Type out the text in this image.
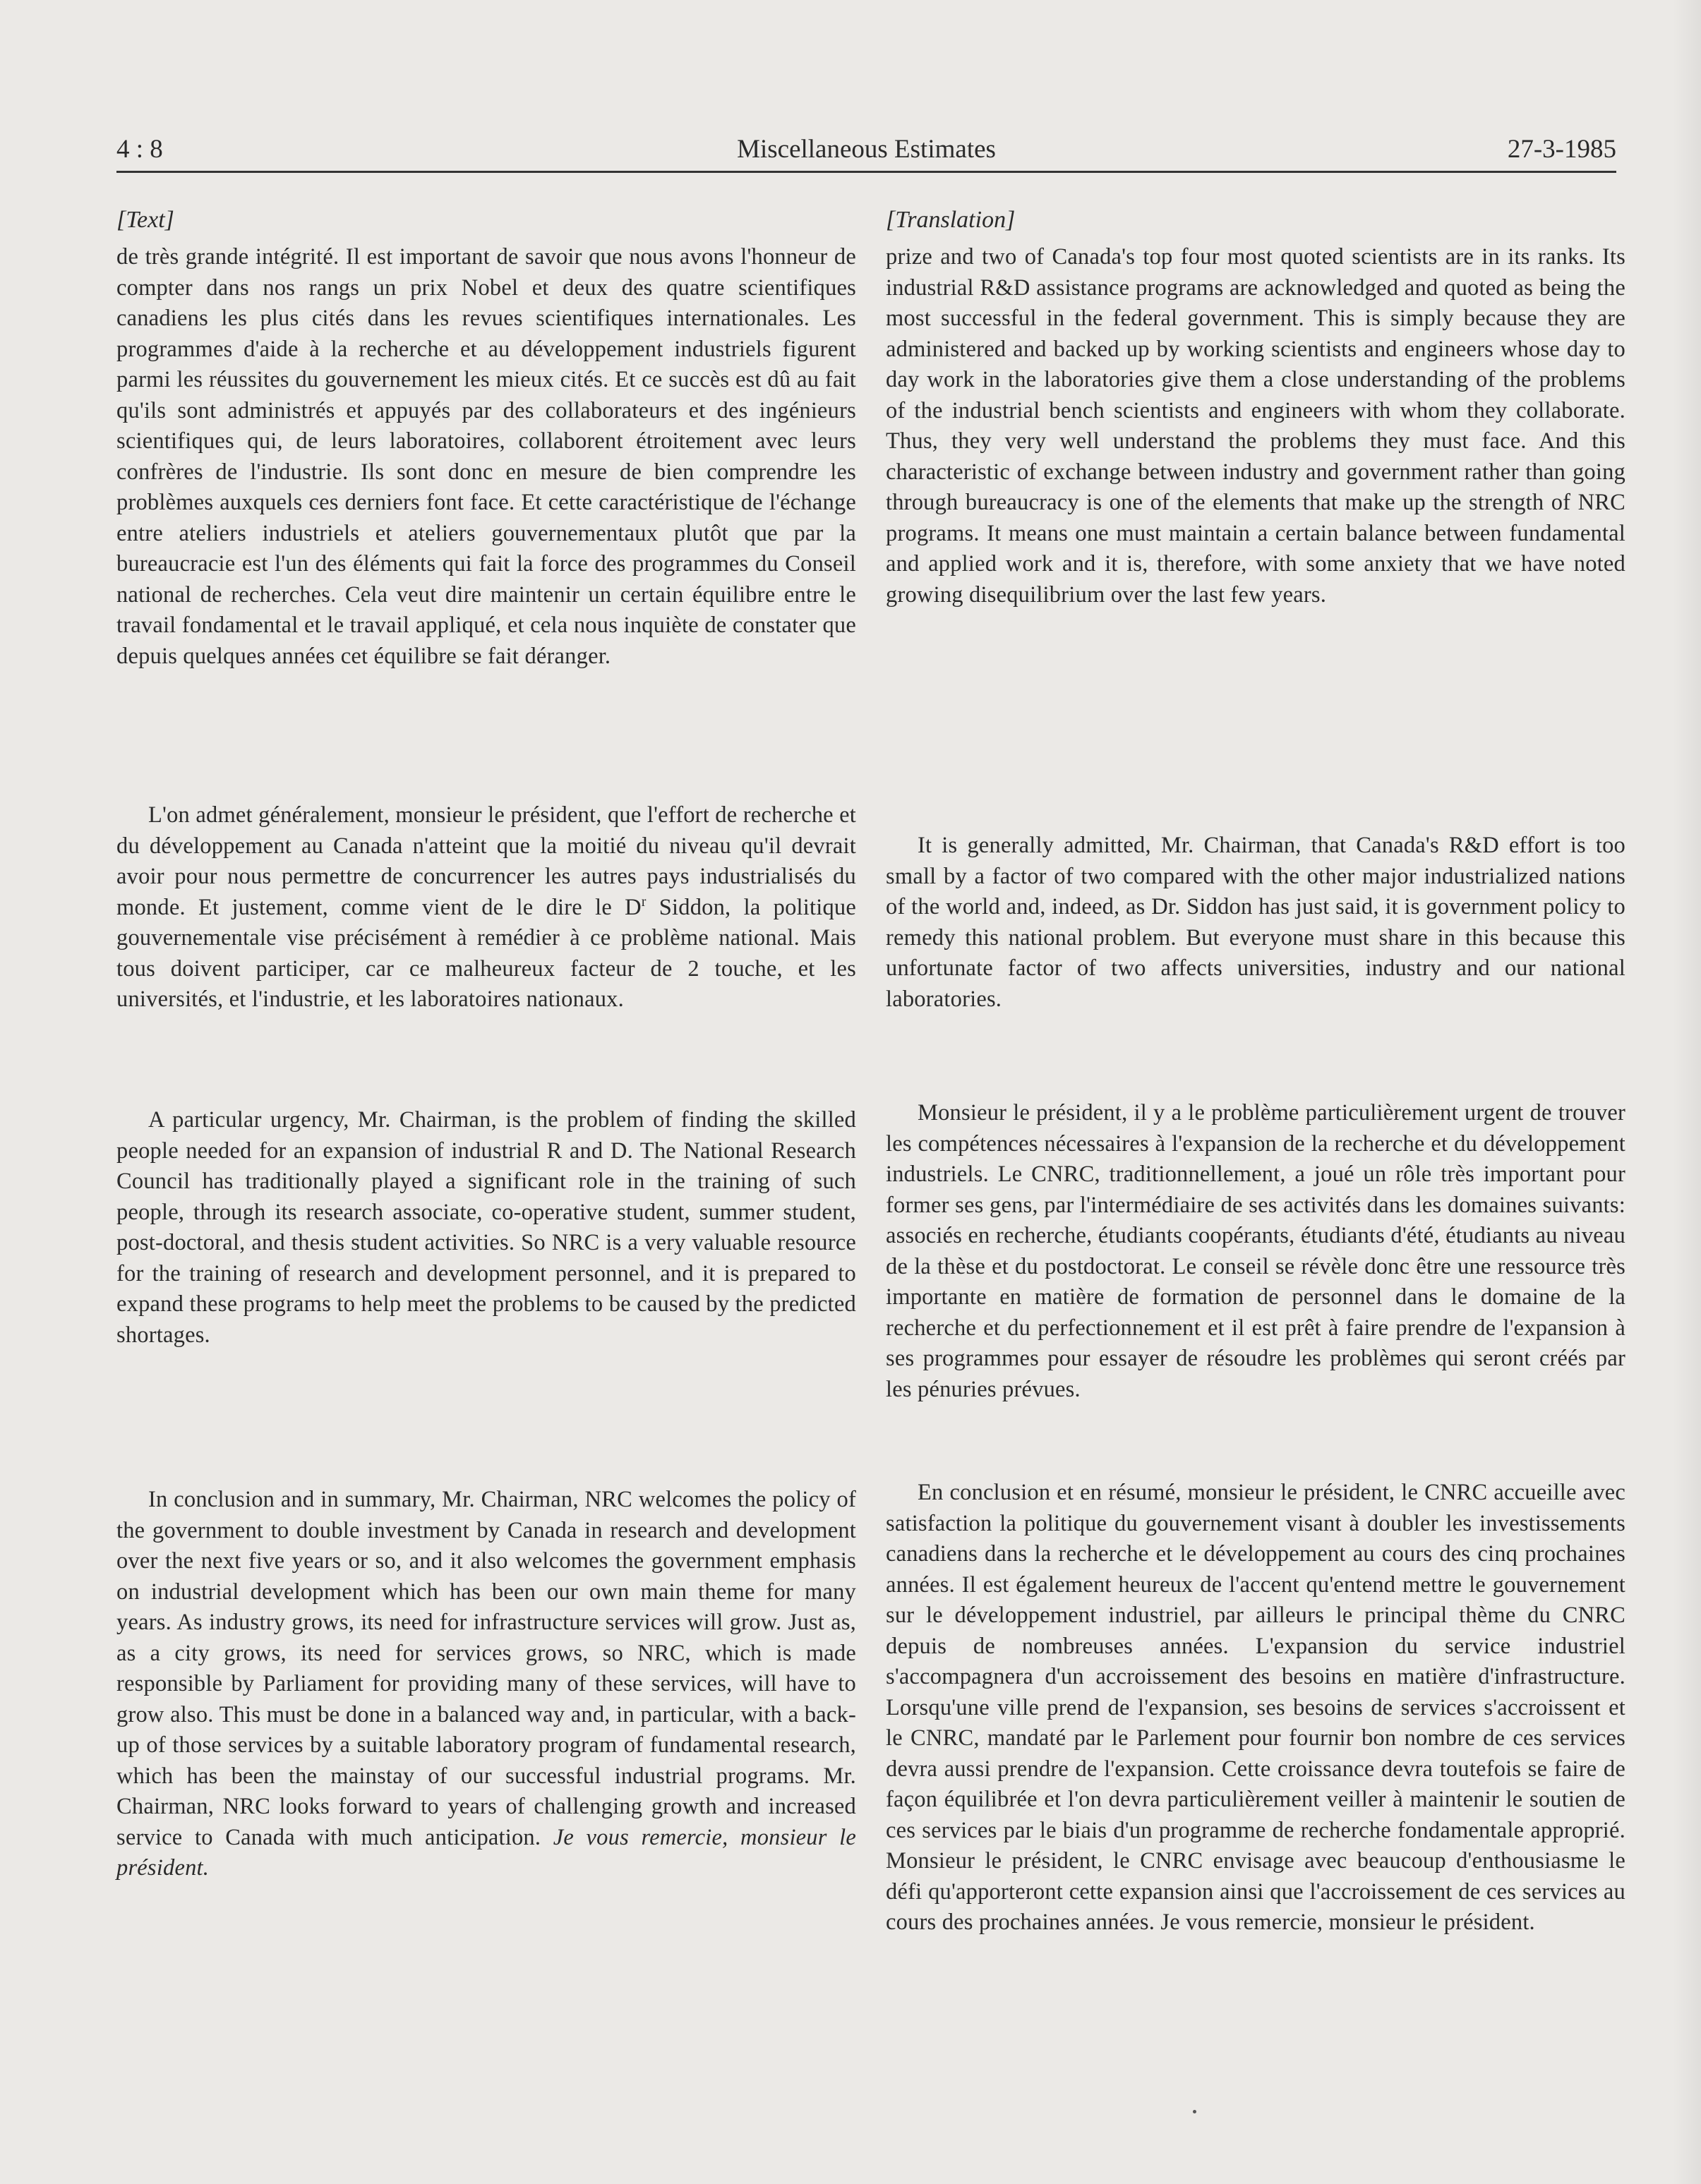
4 : 8	Miscellaneous Estimates	27-3-1985
[Text]	[Translation]

de très grande intégrité. Il est important de savoir que nous avons l'honneur de compter dans nos rangs un prix Nobel et deux des quatre scientifiques canadiens les plus cités dans les revues scientifiques internationales. Les programmes d'aide à la recherche et au développement industriels figurent parmi les réussites du gouvernement les mieux cités. Et ce succès est dû au fait qu'ils sont administrés et appuyés par des collaborateurs et des ingénieurs scientifiques qui, de leurs laboratoires, collaborent étroitement avec leurs confrères de l'industrie. Ils sont donc en mesure de bien comprendre les problèmes auxquels ces derniers font face. Et cette caractéristique de l'échange entre ateliers industriels et ateliers gouvernementaux plutôt que par la bureaucracie est l'un des éléments qui fait la force des programmes du Conseil national de recherches. Cela veut dire maintenir un certain équilibre entre le travail fondamental et le travail appliqué, et cela nous inquiète de constater que depuis quelques années cet équilibre se fait déranger.

L'on admet généralement, monsieur le président, que l'effort de recherche et du développement au Canada n'atteint que la moitié du niveau qu'il devrait avoir pour nous permettre de concurrencer les autres pays industrialisés du monde. Et justement, comme vient de le dire le $D^r$ Siddon, la politique gouvernementale vise précisément à remédier à ce problème national. Mais tous doivent participer, car ce malheureux facteur de 2 touche, et les universités, et l'industrie, et les laboratoires nationaux.

A particular urgency, Mr. Chairman, is the problem of finding the skilled people needed for an expansion of industrial R and D. The National Research Council has traditionally played a significant role in the training of such people, through its research associate, co-operative student, summer student, post-doctoral, and thesis student activities. So NRC is a very valuable resource for the training of research and development personnel, and it is prepared to expand these programs to help meet the problems to be caused by the predicted shortages.

In conclusion and in summary, Mr. Chairman, NRC welcomes the policy of the government to double investment by Canada in research and development over the next five years or so, and it also welcomes the government emphasis on industrial development which has been our own main theme for many years. As industry grows, its need for infrastructure services will grow. Just as, as a city grows, its need for services grows, so NRC, which is made responsible by Parliament for providing many of these services, will have to grow also. This must be done in a balanced way and, in particular, with a back-up of those services by a suitable laboratory program of fundamental research, which has been the mainstay of our successful industrial programs. Mr. Chairman, NRC looks forward to years of challenging growth and increased service to Canada with much anticipation. Je vous remercie, monsieur le président.

prize and two of Canada's top four most quoted scientists are in its ranks. Its industrial R&D assistance programs are acknowledged and quoted as being the most successful in the federal government. This is simply because they are administered and backed up by working scientists and engineers whose day to day work in the laboratories give them a close understanding of the problems of the industrial bench scientists and engineers with whom they collaborate. Thus, they very well understand the problems they must face. And this characteristic of exchange between industry and government rather than going through bureaucracy is one of the elements that make up the strength of NRC programs. It means one must maintain a certain balance between fundamental and applied work and it is, therefore, with some anxiety that we have noted growing disequilibrium over the last few years.

It is generally admitted, Mr. Chairman, that Canada's R&D effort is too small by a factor of two compared with the other major industrialized nations of the world and, indeed, as Dr. Siddon has just said, it is government policy to remedy this national problem. But everyone must share in this because this unfortunate factor of two affects universities, industry and our national laboratories.

Monsieur le président, il y a le problème particulièrement urgent de trouver les compétences nécessaires à l'expansion de la recherche et du développement industriels. Le CNRC, traditionnellement, a joué un rôle très important pour former ses gens, par l'intermédiaire de ses activités dans les domaines suivants: associés en recherche, étudiants coopérants, étudiants d'été, étudiants au niveau de la thèse et du postdoctorat. Le conseil se révèle donc être une ressource très importante en matière de formation de personnel dans le domaine de la recherche et du perfectionnement et il est prêt à faire prendre de l'expansion à ses programmes pour essayer de résoudre les problèmes qui seront créés par les pénuries prévues.

En conclusion et en résumé, monsieur le président, le CNRC accueille avec satisfaction la politique du gouvernement visant à doubler les investissements canadiens dans la recherche et le développement au cours des cinq prochaines années. Il est également heureux de l'accent qu'entend mettre le gouvernement sur le développement industriel, par ailleurs le principal thème du CNRC depuis de nombreuses années. L'expansion du service industriel s'accompagnera d'un accroissement des besoins en matière d'infrastructure. Lorsqu'une ville prend de l'expansion, ses besoins de services s'accroissent et le CNRC, mandaté par le Parlement pour fournir bon nombre de ces services devra aussi prendre de l'expansion. Cette croissance devra toutefois se faire de façon équilibrée et l'on devra particulièrement veiller à maintenir le soutien de ces services par le biais d'un programme de recherche fondamentale approprié. Monsieur le président, le CNRC envisage avec beaucoup d'enthousiasme le défi qu'apporteront cette expansion ainsi que l'accroissement de ces services au cours des prochaines années. Je vous remercie, monsieur le président.
